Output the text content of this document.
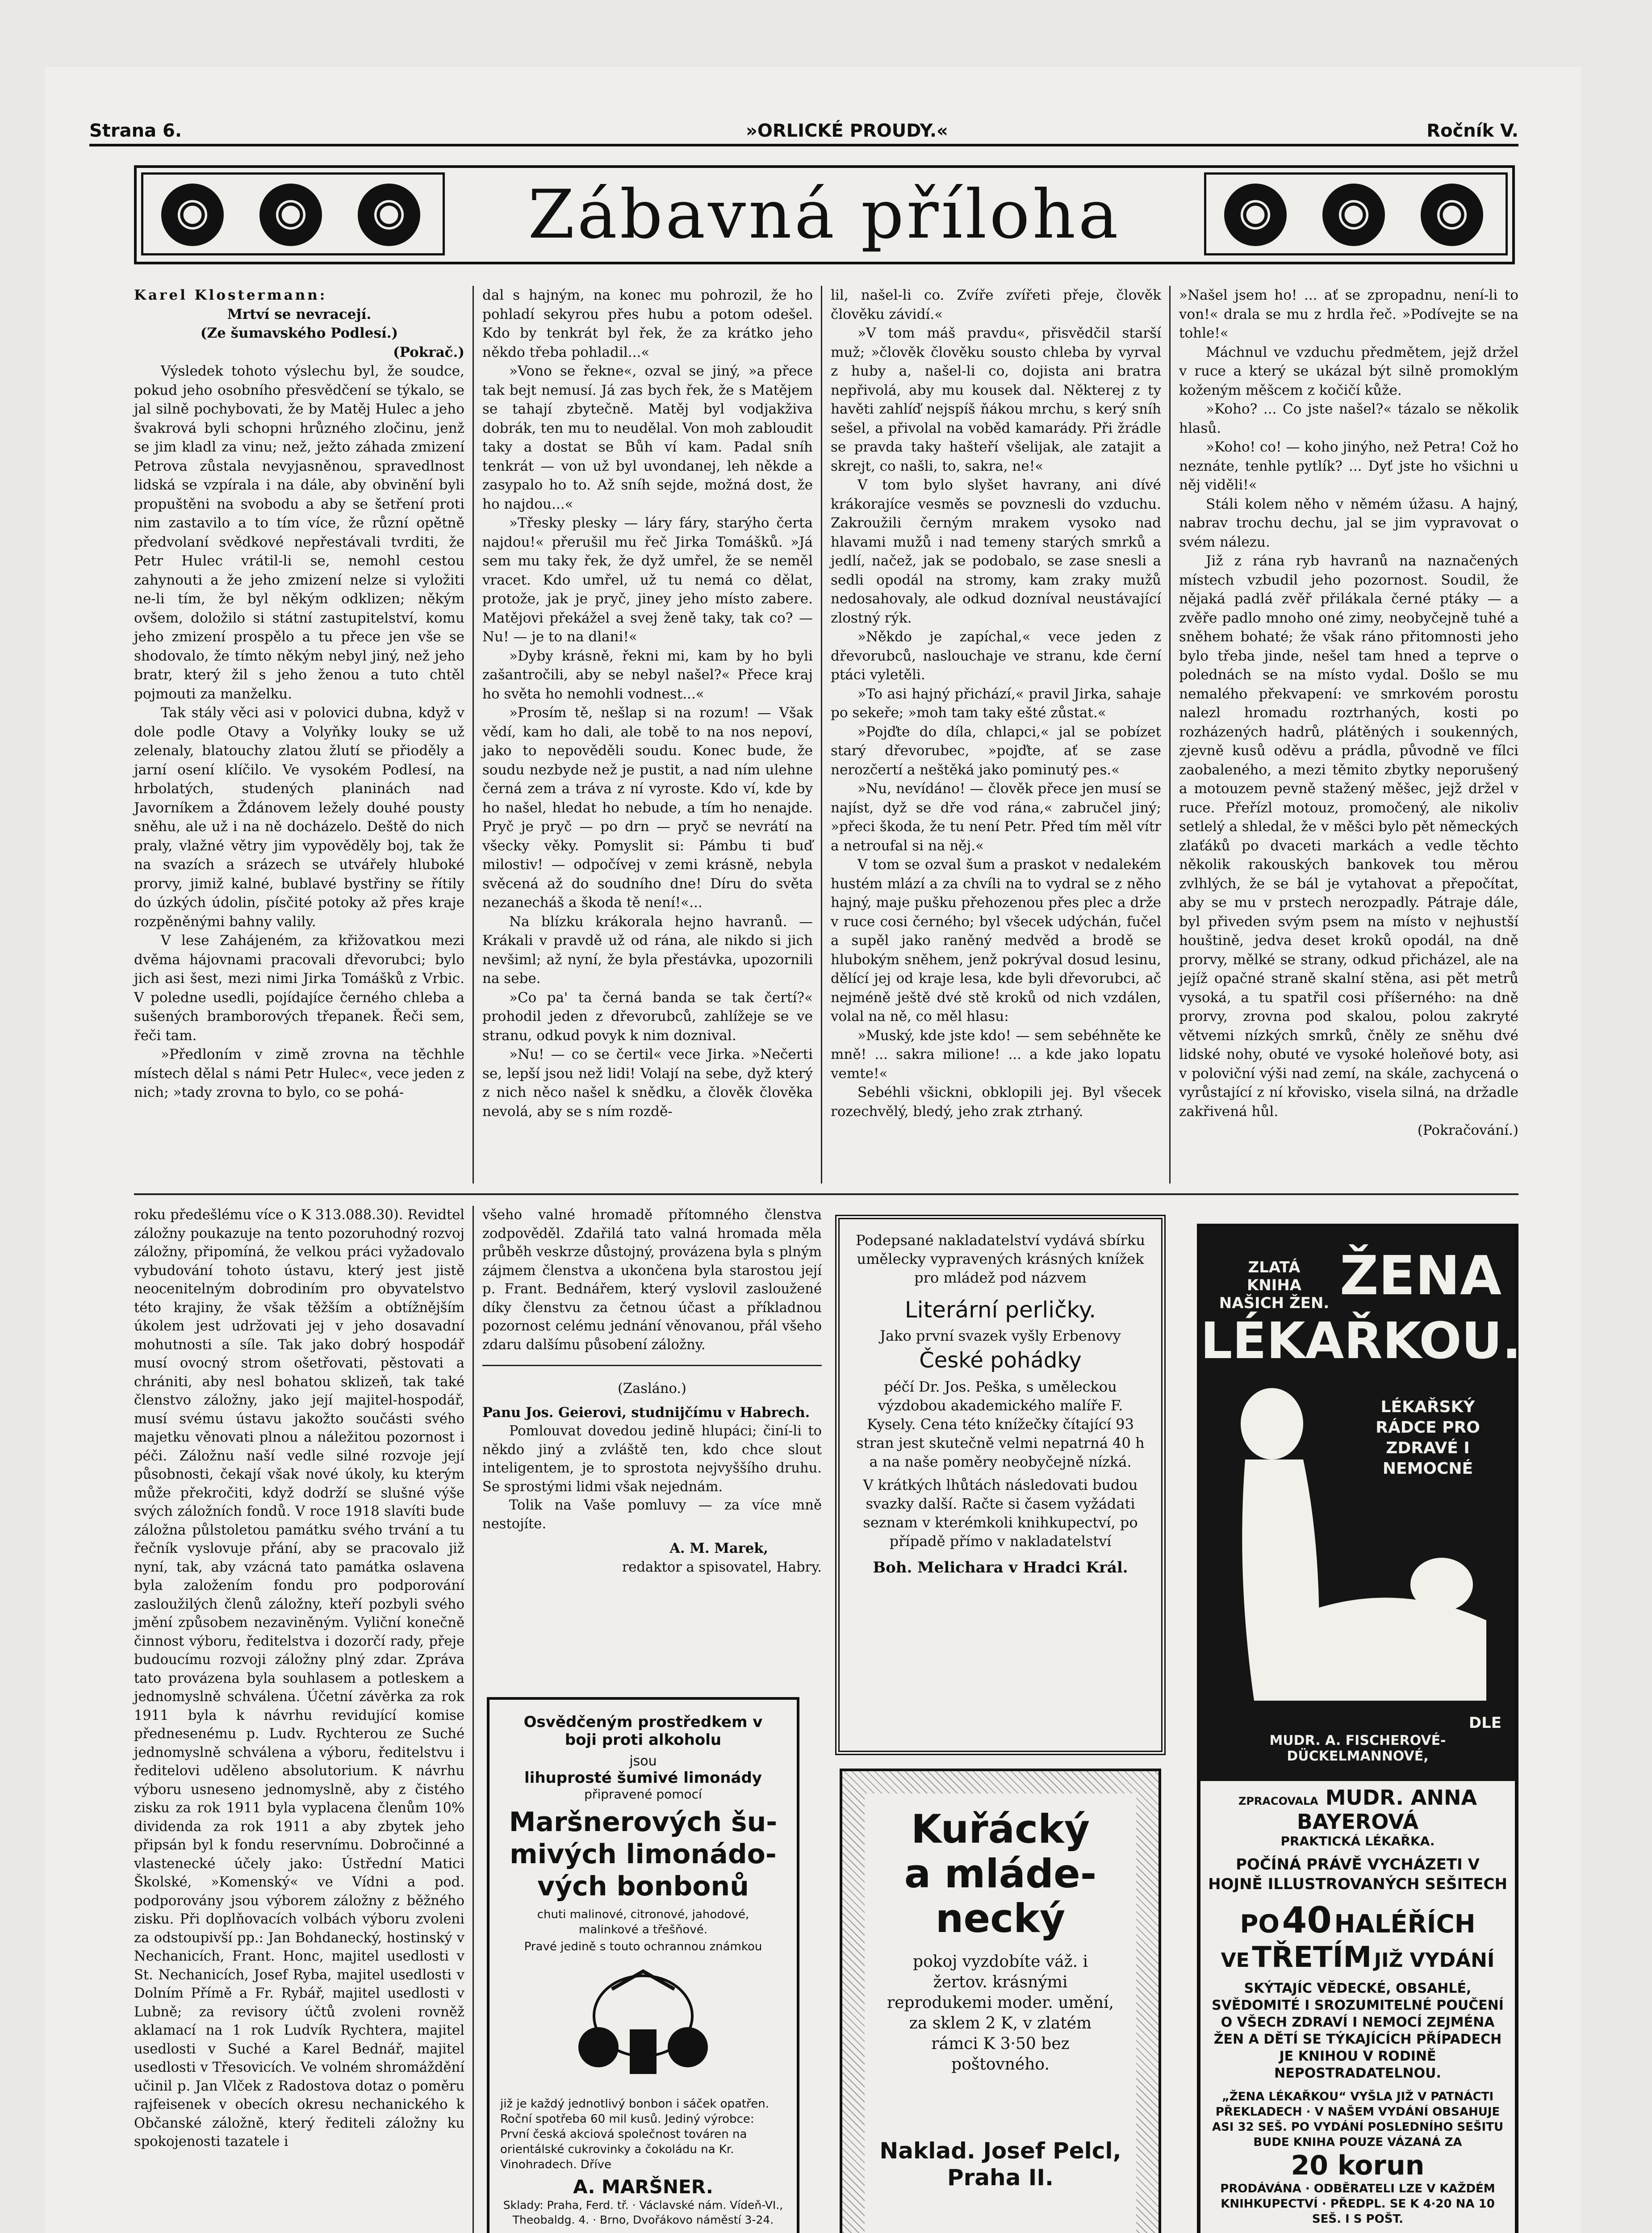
Strana 6.	»ORLICKÉ PROUDY.«	Ročník V.
Zábavná příloha

Karel Klostermann:

Mrtví se nevracejí.

(Ze šumavského Podlesí.)

(Pokrač.)

Výsledek tohoto výslechu byl, že soudce, pokud jeho osobního přesvědčení se týkalo, se jal silně pochybovati, že by Matěj Hulec a jeho švakrová byli schopni hrůzného zločinu, jenž se jim kladl za vinu; než, ježto záhada zmizení Petrova zůstala nevyjasněnou, spravedlnost lidská se vzpírala i na dále, aby obvinění byli propuštěni na svobodu a aby se šetření proti nim zastavilo a to tím více, že různí opětně předvolaní svědkové nepřestávali tvrditi, že Petr Hulec vrátil-li se, nemohl cestou zahynouti a že jeho zmizení nelze si vyložiti ne-li tím, že byl někým odklizen; někým ovšem, doložilo si státní zastupitelství, komu jeho zmizení prospělo a tu přece jen vše se shodovalo, že tímto někým nebyl jiný, než jeho bratr, který žil s jeho ženou a tuto chtěl pojmouti za manželku.

Tak stály věci asi v polovici dubna, když v dole podle Otavy a Volyňky louky se už zelenaly, blatouchy zlatou žlutí se přioděly a jarní osení klíčilo. Ve vysokém Podlesí, na hrbolatých, studených planinách nad Javorníkem a Ždánovem ležely douhé pousty sněhu, ale už i na ně docházelo. Deště do nich praly, vlažné větry jim vypověděly boj, tak že na svazích a srázech se utvářely hluboké prorvy, jimiž kalné, bublavé bystřiny se řítily do úzkých údolin, písčité potoky až přes kraje rozpěněnými bahny valily.

V lese Zahájeném, za křižovatkou mezi dvěma hájovnami pracovali dřevorubci; bylo jich asi šest, mezi nimi Jirka Tomášků z Vrbic. V poledne usedli, pojídajíce černého chleba a sušených bramborových třepanek. Řeči sem, řeči tam.

»Předloním v zimě zrovna na těchhle místech dělal s námi Petr Hulec«, vece jeden z nich; »tady zrovna to bylo, co se pohá-

dal s hajným, na konec mu pohrozil, že ho pohladí sekyrou přes hubu a potom odešel. Kdo by tenkrát byl řek, že za krátko jeho někdo třeba pohladil...«

»Vono se řekne«, ozval se jiný, »a přece tak bejt nemusí. Já zas bych řek, že s Matějem se tahají zbytečně. Matěj byl vodjakživa dobrák, ten mu to neudělal. Von moh zabloudit taky a dostat se Bůh ví kam. Padal sníh tenkrát — von už byl uvondanej, leh někde a zasypalo ho to. Až sníh sejde, možná dost, že ho najdou...«

»Třesky plesky — láry fáry, starýho čerta najdou!« přerušil mu řeč Jirka Tomášků. »Já sem mu taky řek, že dyž umřel, že se neměl vracet. Kdo umřel, už tu nemá co dělat, protože, jak je pryč, jiney jeho místo zabere. Matějovi překážel a svej ženě taky, tak co? — Nu! — je to na dlani!«

»Dyby krásně, řekni mi, kam by ho byli zašantročili, aby se nebyl našel?« Přece kraj ho světa ho nemohli vodnest...«

»Prosím tě, nešlap si na rozum! — Však vědí, kam ho dali, ale tobě to na nos nepoví, jako to nepověděli soudu. Konec bude, že soudu nezbyde než je pustit, a nad ním ulehne černá zem a tráva z ní vyroste. Kdo ví, kde by ho našel, hledat ho nebude, a tím ho nenajde. Pryč je pryč — po drn — pryč se nevrátí na všecky věky. Pomyslit si: Pámbu ti buď milostiv! — odpočívej v zemi krásně, nebyla svěcená až do soudního dne! Díru do světa nezanecháš a škoda tě není!«...

Na blízku krákorala hejno havranů. — Krákali v pravdě už od rána, ale nikdo si jich nevšiml; až nyní, že byla přestávka, upozornili na sebe.

»Co pa' ta černá banda se tak čertí?« prohodil jeden z dřevorubců, zahlížeje se ve stranu, odkud povyk k nim doznival.

»Nu! — co se čertil« vece Jirka. »Nečerti se, lepší jsou než lidi! Volají na sebe, dyž který z nich něco našel k snědku, a člověk člověka nevolá, aby se s ním rozdě-

lil, našel-li co. Zvíře zvířeti přeje, člověk člověku závidí.«

»V tom máš pravdu«, přisvědčil starší muž; »člověk člověku sousto chleba by vyrval z huby a, našel-li co, dojista ani bratra nepřivolá, aby mu kousek dal. Některej z ty havěti zahlíď nejspíš ňákou mrchu, s kerý sníh sešel, a přivolal na voběd kamarády. Při žrádle se pravda taky hašteří všelijak, ale zatajit a skrejt, co našli, to, sakra, ne!«

V tom bylo slyšet havrany, ani dívé krákorajíce vesměs se povznesli do vzduchu. Zakroužili černým mrakem vysoko nad hlavami mužů i nad temeny starých smrků a jedlí, načež, jak se podobalo, se zase snesli a sedli opodál na stromy, kam zraky mužů nedosahovaly, ale odkud dozníval neustávající zlostný rýk.

»Někdo je zapíchal,« vece jeden z dřevorubců, naslouchaje ve stranu, kde černí ptáci vyletěli.

»To asi hajný přichází,« pravil Jirka, sahaje po sekeře; »moh tam taky ešté zůstat.«

»Pojďte do díla, chlapci,« jal se pobízet starý dřevorubec, »pojďte, ať se zase nerozčertí a neštěká jako pominutý pes.«

»Nu, nevídáno! — člověk přece jen musí se najíst, dyž se dře vod rána,« zabručel jiný; »přeci škoda, že tu není Petr. Před tím měl vítr a netroufal si na něj.«

V tom se ozval šum a praskot v nedalekém hustém mlází a za chvíli na to vydral se z něho hajný, maje pušku přehozenou přes plec a drže v ruce cosi černého; byl všecek udýchán, fučel a supěl jako raněný medvěd a brodě se hlubokým sněhem, jenž pokrýval dosud lesinu, dělící jej od kraje lesa, kde byli dřevorubci, ač nejméně ještě dvé stě kroků od nich vzdálen, volal na ně, co měl hlasu:

»Muský, kde jste kdo! — sem sebéhněte ke mně! ... sakra milione! ... a kde jako lopatu vemte!«

Sebéhli všickni, obklopili jej. Byl všecek rozechvělý, bledý, jeho zrak ztrhaný.

»Našel jsem ho! ... ať se zpropadnu, není-li to von!« drala se mu z hrdla řeč. »Podívejte se na tohle!«

Máchnul ve vzduchu předmětem, jejž držel v ruce a který se ukázal být silně promoklým koženým měšcem z kočičí kůže.

»Koho? ... Co jste našel?« tázalo se několik hlasů.

»Koho! co! — koho jinýho, než Petra! Což ho neznáte, tenhle pytlík? ... Dyť jste ho všichni u něj viděli!«

Stáli kolem něho v němém úžasu. A hajný, nabrav trochu dechu, jal se jim vypravovat o svém nálezu.

Již z rána ryb havranů na naznačených místech vzbudil jeho pozornost. Soudil, že nějaká padlá zvěř přilákala černé ptáky — a zvěře padlo mnoho oné zimy, neobyčejně tuhé a sněhem bohaté; že však ráno přitomnosti jeho bylo třeba jinde, nešel tam hned a teprve o polednách se na místo vydal. Došlo se mu nemalého překvapení: ve smrkovém porostu nalezl hromadu roztrhaných, kosti po rozházených hadrů, plátěných i soukenných, zjevně kusů oděvu a prádla, původně ve fílci zaobaleného, a mezi těmito zbytky neporušený a motouzem pevně stažený měšec, jejž držel v ruce. Přeřízl motouz, promočený, ale nikoliv setlelý a shledal, že v měšci bylo pět německých zlaťáků po dvaceti markách a vedle těchto několik rakouských bankovek tou měrou zvlhlých, že se bál je vytahovat a přepočítat, aby se mu v prstech nerozpadly. Pátraje dále, byl přiveden svým psem na místo v nejhustší houštině, jedva deset kroků opodál, na dně prorvy, mělké se strany, odkud přicházel, ale na jejíž opačné straně skalní stěna, asi pět metrů vysoká, a tu spatřil cosi příšerného: na dně prorvy, zrovna pod skalou, polou zakryté větvemi nízkých smrků, čněly ze sněhu dvé lidské nohy, obuté ve vysoké holeňové boty, asi v poloviční výši nad zemí, na skále, zachycená o vyrůstající z ní křovisko, visela silná, na držadle zakřivená hůl.

(Pokračování.)

roku předešlému více o K 313.088.30). Revidtel záložny poukazuje na tento pozoruhodný rozvoj záložny, připomíná, že velkou práci vyžadovalo vybudování tohoto ústavu, který jest jistě neocenitelným dobrodiním pro obyvatelstvo této krajiny, že však těžším a obtížnějším úkolem jest udržovati jej v jeho dosavadní mohutnosti a síle. Tak jako dobrý hospodář musí ovocný strom ošetřovati, pěstovati a chrániti, aby nesl bohatou sklizeň, tak také členstvo záložny, jako její majitel-hospodář, musí svému ústavu jakožto součásti svého majetku věnovati plnou a náležitou pozornost i péči. Záložnu naší vedle silné rozvoje její působnosti, čekají však nové úkoly, ku kterým může překročiti, když dodrží se slušné výše svých záložních fondů. V roce 1918 slavíti bude záložna půlstoletou památku svého trvání a tu řečník vyslovuje přání, aby se pracovalo již nyní, tak, aby vzácná tato památka oslavena byla založením fondu pro podporování zasloužilých členů záložny, kteří pozbyli svého jmění způsobem nezaviněným. Vyliční konečně činnost výboru, ředitelstva i dozorčí rady, přeje budoucímu rozvoji záložny plný zdar. Zpráva tato provázena byla souhlasem a potleskem a jednomyslně schválena. Účetní závěrka za rok 1911 byla k návrhu revidující komise přednesenému p. Ludv. Rychterou ze Suché jednomyslně schválena a výboru, ředitelstvu i ředitelovi uděleno absolutorium. K návrhu výboru usneseno jednomyslně, aby z čistého zisku za rok 1911 byla vyplacena členům 10% dividenda za rok 1911 a aby zbytek jeho připsán byl k fondu reservnímu. Dobročinné a vlastenecké účely jako: Ústřední Matici Školské, »Komenský« ve Vídni a pod. podporovány jsou výborem záložny z běžného zisku. Při doplňovacích volbách výboru zvoleni za odstoupivší pp.: Jan Bohdanecký, hostinský v Nechanicích, Frant. Honc, majitel usedlosti v St. Nechanicích, Josef Ryba, majitel usedlosti v Dolním Přímě a Fr. Rybář, majitel usedlosti v Lubně; za revisory účtů zvoleni rovněž aklamací na 1 rok Ludvík Rychtera, majitel usedlosti v Suché a Karel Bednář, majitel usedlosti v Třesovicích. Ve volném shromáždění učinil p. Jan Vlček z Radostova dotaz o poměru rajfeisenek v obecích okresu nechanického k Občanské záložně, který řediteli záložny ku spokojenosti tazatele i

všeho valné hromadě přítomného členstva zodpověděl. Zdařilá tato valná hromada měla průběh veskrze důstojný, provázena byla s plným zájmem členstva a ukončena byla starostou její p. Frant. Bednářem, který vyslovil zasloužené díky členstvu za četnou účast a příkladnou pozornost celému jednání věnovanou, přál všeho zdaru dalšímu působení záložny.

(Zasláno.)

Panu Jos. Geierovi, studnijčímu v Habrech.

Pomlouvat dovedou jedině hlupáci; činí-li to někdo jiný a zvláště ten, kdo chce slout inteligentem, je to sprostota nejvyššího druhu. Se sprostými lidmi však nejednám.

Tolik na Vaše pomluvy — za více mně nestojíte.

A. M. Marek,

redaktor a spisovatel, Habry.

Osvědčeným prostředkem v
boji proti alkoholu
jsou
lihuprosté šumivé limonády
připravené pomocí
Maršnerových šu-
mivých limonádo-
vých bonbonů
chuti malinové, citronové, jahodové, malinkové a třešňové.
Pravé jedině s touto ochrannou známkou
již je každý jednotlivý bonbon i sáček opatřen. Roční spotřeba 60 mil kusů. Jediný výrobce: První česká akciová společnost továren na orientálské cukrovinky a čokoládu na Kr. Vinohradech. Dříve
A. MARŠNER.
Sklady: Praha, Ferd. tř. · Václavské nám. Vídeň-VI., Theobaldg. 4. · Brno, Dvořákovo náměstí 3-24.
Podepsané nakladatelství vydává sbírku umělecky vypravených krásných knížek pro mládež pod názvem
Literární perličky.
Jako první svazek vyšly Erbenovy
České pohádky
péčí Dr. Jos. Peška, s uměleckou výzdobou akademického malíře F. Kysely. Cena této knížečky čítající 93 stran jest skutečně velmi nepatrná 40 h a na naše poměry neobyčejně nízká.
V krátkých lhůtách následovati budou svazky další. Račte si časem vyžádati seznam v kterémkoli knihkupectví, po případě přímo v nakladatelství
Boh. Melichara v Hradci Král.
Kuřácký
a mláde-
necký
pokoj vyzdobíte váž. i žertov. krásnými reprodukemi moder. umění, za sklem 2 K, v zlatém rámci K 3·50 bez poštovného.
Naklad. Josef Pelcl, Praha II.
ZLATÁ KNIHA NAŠICH ŽEN. ŽENA
LÉKAŘKOU.
LÉKAŘSKÝ RÁDCE PRO ZDRAVÉ I NEMOCNÉ
DLE
MUDR. A. FISCHEROVÉ-DÜCKELMANNOVÉ,
ZPRACOVALA MUDR. ANNA BAYEROVÁ
PRAKTICKÁ LÉKAŘKA.
POČÍNÁ PRÁVĚ VYCHÁZETI V HOJNĚ ILLUSTROVANÝCH SEŠITECH
PO 40 HALÉŘÍCH
VE TŘETÍM JIŽ VYDÁNÍ
SKÝTAJÍC VĚDECKÉ, OBSAHLÉ, SVĚDOMITÉ I SROZUMITELNÉ POUČENÍ O VŠECH ZDRAVÍ I NEMOCÍ ZEJMÉNA ŽEN A DĚTÍ SE TÝKAJÍCÍCH PŘÍPADECH JE KNIHOU V RODINĚ NEPOSTRADATELNOU.
„ŽENA LÉKAŘKOU“ VYŠLA JIŽ V PATNÁCTI PŘEKLADECH · V NAŠEM VYDÁNÍ OBSAHUJE ASI 32 SEŠ. PO VYDÁNÍ POSLEDNÍHO SEŠITU BUDE KNIHA POUZE VÁZANÁ ZA
20 korun
PRODÁVÁNA · ODBĚRATELI LZE V KAŽDÉM KNIHKUPECTVÍ · PŘEDPL. SE K 4·20 NA 10 SEŠ. I S POŠT.
